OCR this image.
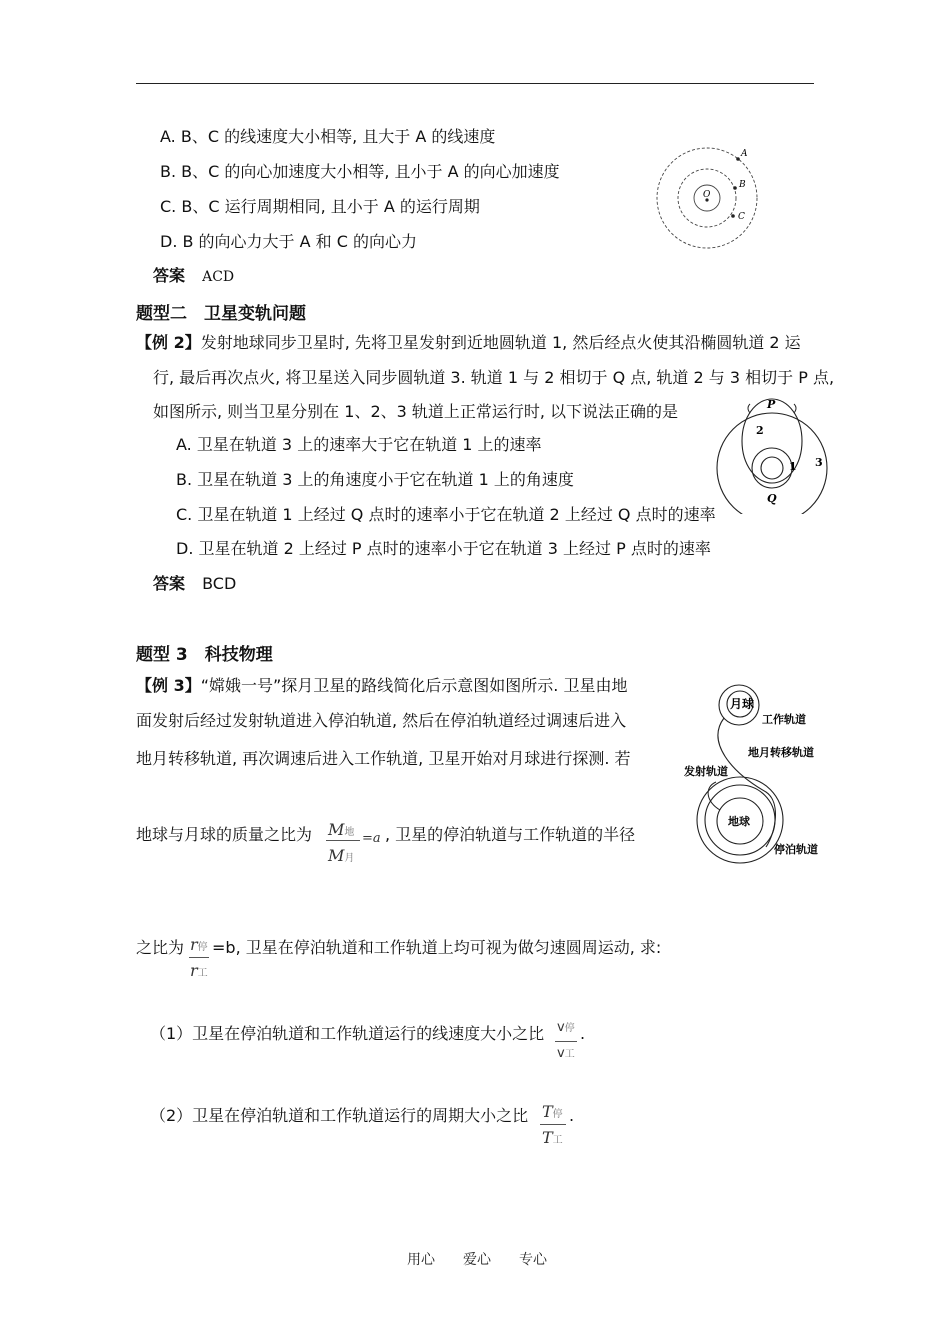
A. B、C 的线速度大小相等, 且大于 A 的线速度
B. B、C 的向心加速度大小相等, 且小于 A 的向心加速度
C. B、C 运行周期相同, 且小于 A 的运行周期
D. B 的向心力大于 A 和 C 的向心力
答案 ACD
O
A
B
C
题型二　卫星变轨问题
【例 2】发射地球同步卫星时, 先将卫星发射到近地圆轨道 1, 然后经点火使其沿椭圆轨道 2 运
行, 最后再次点火, 将卫星送入同步圆轨道 3. 轨道 1 与 2 相切于 Q 点, 轨道 2 与 3 相切于 P 点,
如图所示, 则当卫星分别在 1、2、3 轨道上正常运行时, 以下说法正确的是
A. 卫星在轨道 3 上的速率大于它在轨道 1 上的速率
B. 卫星在轨道 3 上的角速度小于它在轨道 1 上的角速度
C. 卫星在轨道 1 上经过 Q 点时的速率小于它在轨道 2 上经过 Q 点时的速率
D. 卫星在轨道 2 上经过 P 点时的速率小于它在轨道 3 上经过 P 点时的速率
答案 BCD
P
Q
1
2
3
题型 3　科技物理
【例 3】“嫦娥一号”探月卫星的路线简化后示意图如图所示. 卫星由地
面发射后经过发射轨道进入停泊轨道, 然后在停泊轨道经过调速后进入
地月转移轨道, 再次调速后进入工作轨道, 卫星开始对月球进行探测. 若
地球与月球的质量之比为 M地 =a
M月
, 卫星的停泊轨道与工作轨道的半径
之比为 r停
r工
=b, 卫星在停泊轨道和工作轨道上均可视为做匀速圆周运动, 求:
（1）卫星在停泊轨道和工作轨道运行的线速度大小之比 v停
v工
.
（2）卫星在停泊轨道和工作轨道运行的周期大小之比 T停
T工
.
月球
工作轨道
地月转移轨道
发射轨道
地球
停泊轨道
用心　　爱心　　专心
